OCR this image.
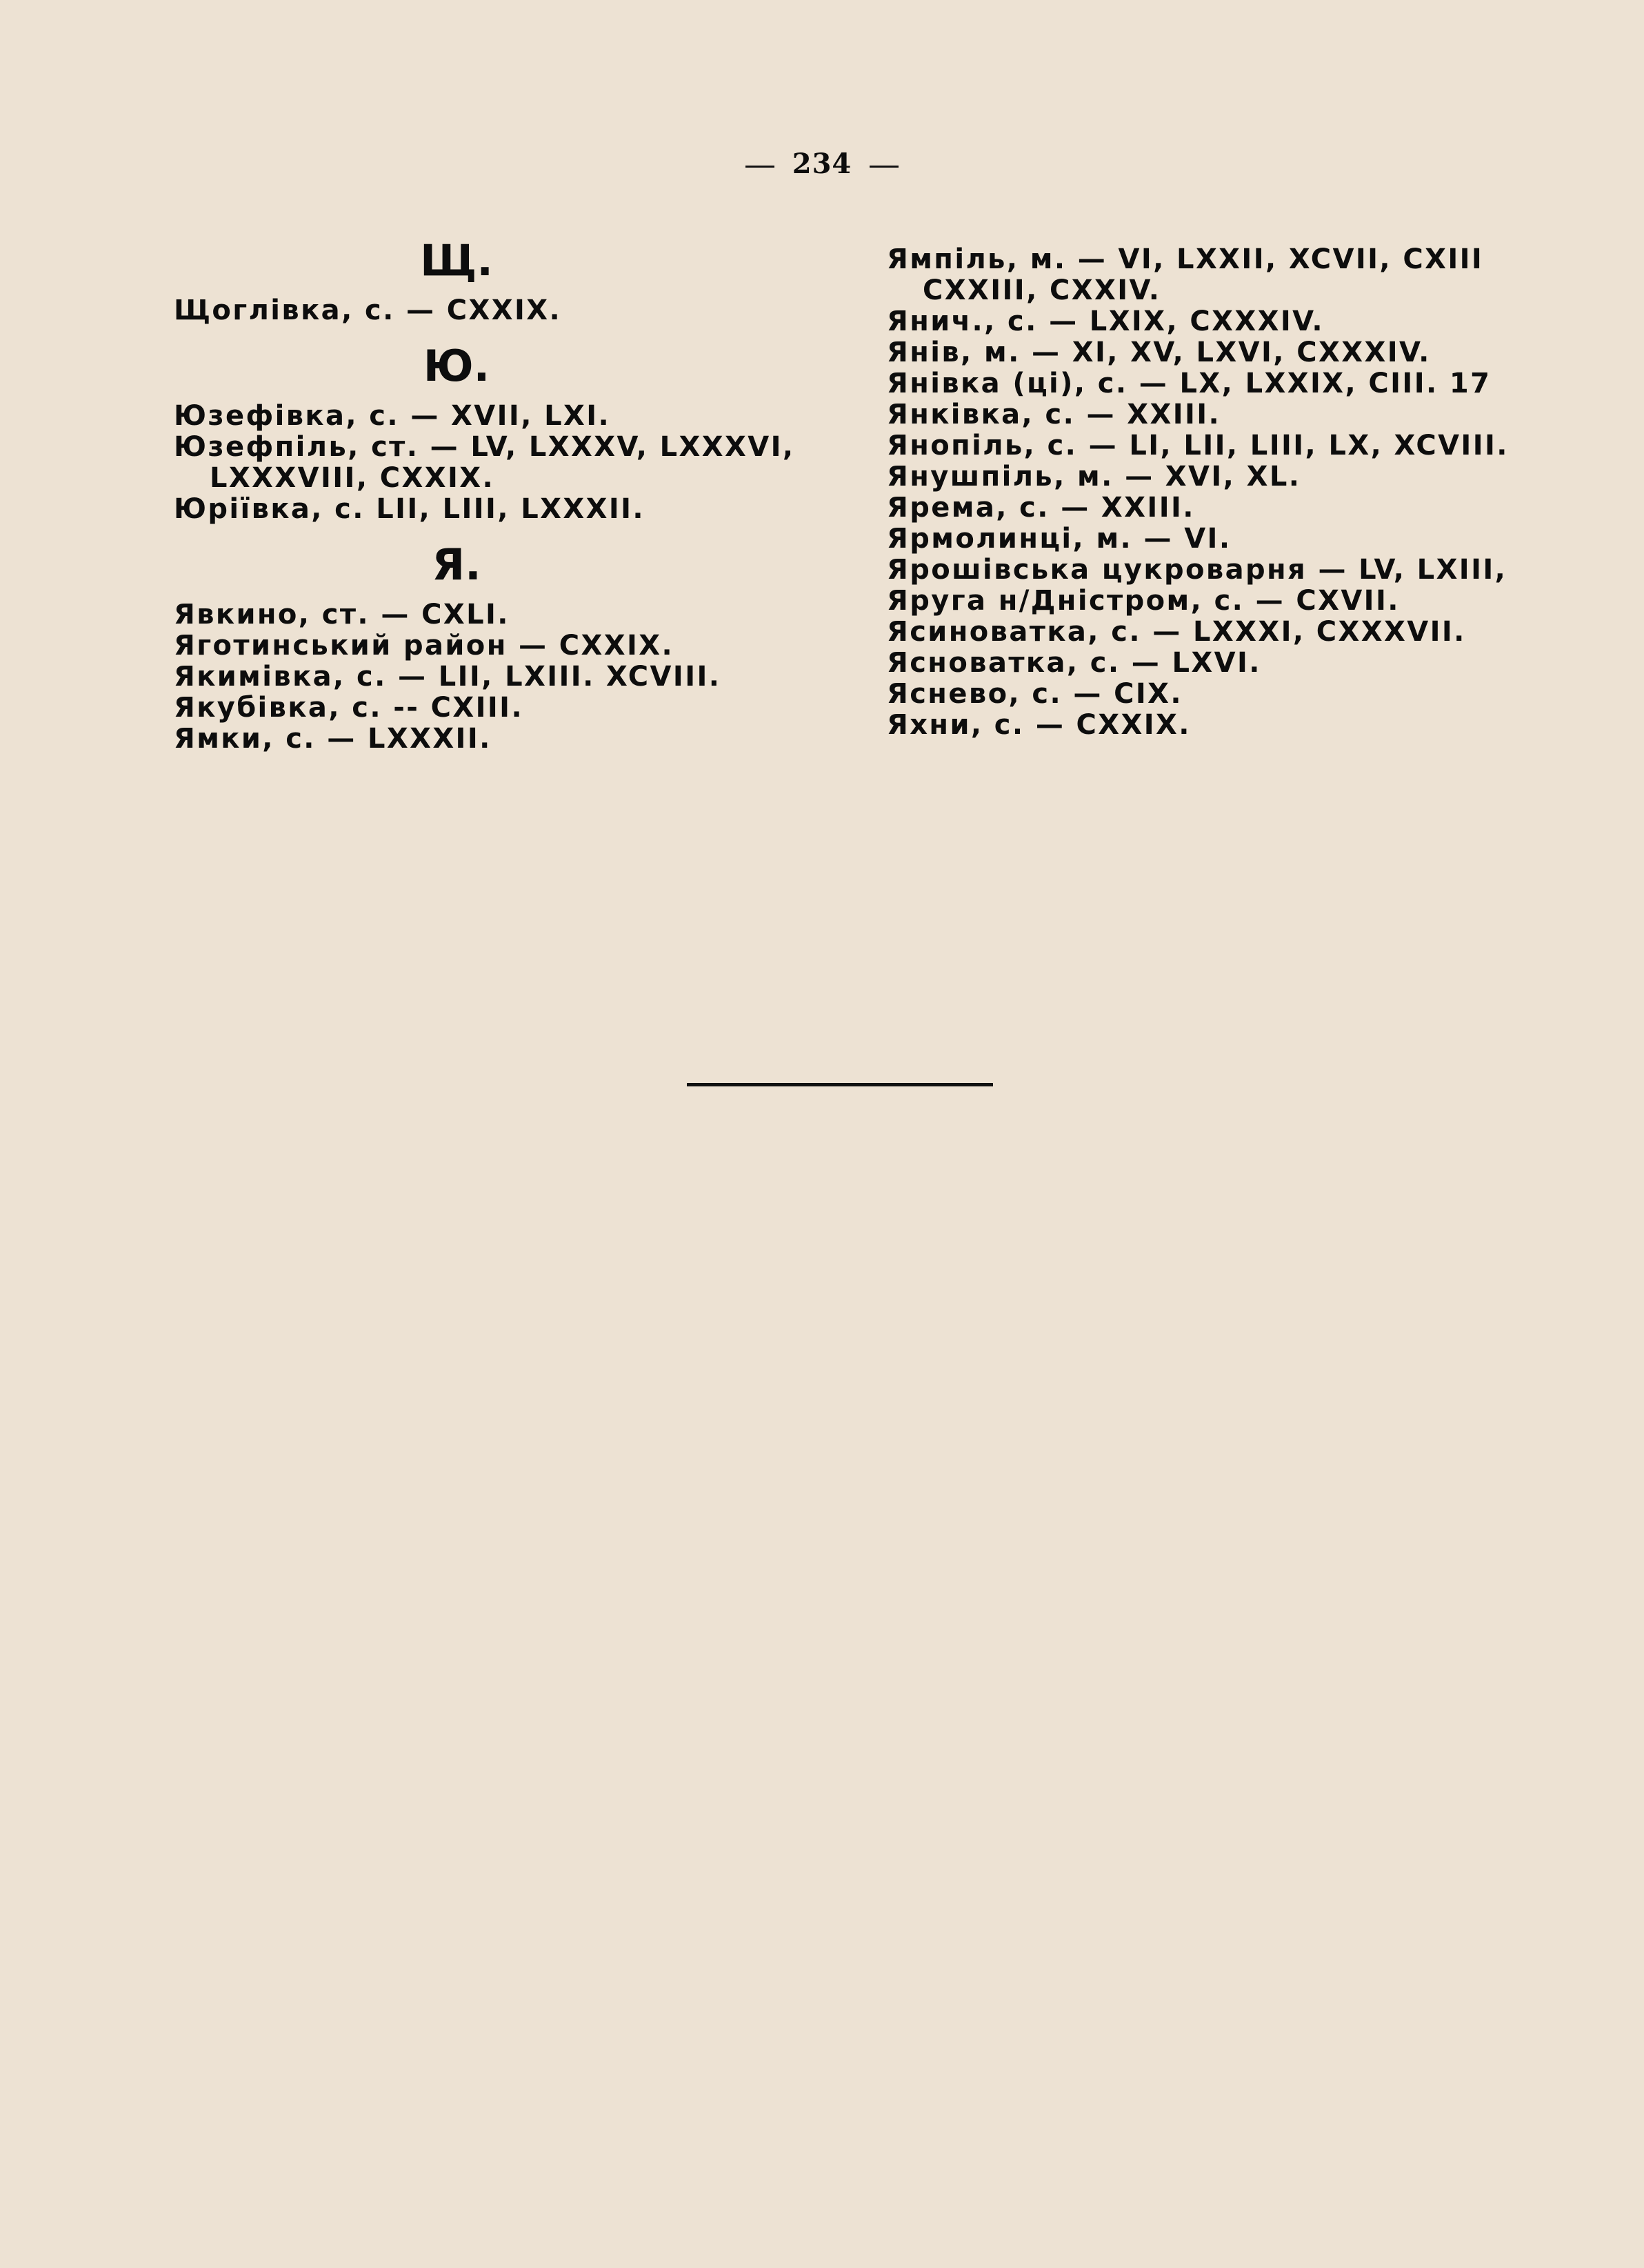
234
Щ.
Щоглівка, с. — CXXIX.
Ю.
Юзефівка, с. — XVII, LXI.
Юзефпіль, ст. — LV, LXXXV, LXXXVI,
LXXXVIII, CXXIX.
Юріївка, с. LII, LIII, LXXXII.
Я.
Явкино, ст. — CXLI.
Яготинський район — CXXIX.
Якимівка, с. — LII, LXIII. XCVIII.
Якубівка, с. -- CXIII.
Ямки, с. — LXXXII.
Ямпіль, м. — VI, LXXII, XCVII, CXIII
CXXIII, CXXIV.
Янич., с. — LXIX, CXXXIV.
Янів, м. — XI, XV, LXVI, CXXXIV.
Янівка (ці), с. — LX, LXXIX, CIII. 17
Янківка, с. — XXIII.
Янопіль, с. — LI, LII, LIII, LX, XCVIII.
Янушпіль, м. — XVI, XL.
Ярема, с. — XXIII.
Ярмолинці, м. — VI.
Ярошівська цукроварня — LV, LXIII,
Яруга н/Дністром, с. — CXVII.
Ясиноватка, с. — LXXXI, CXXXVII.
Ясноватка, с. — LXVI.
Яснево, с. — CIX.
Яхни, с. — CXXIX.
